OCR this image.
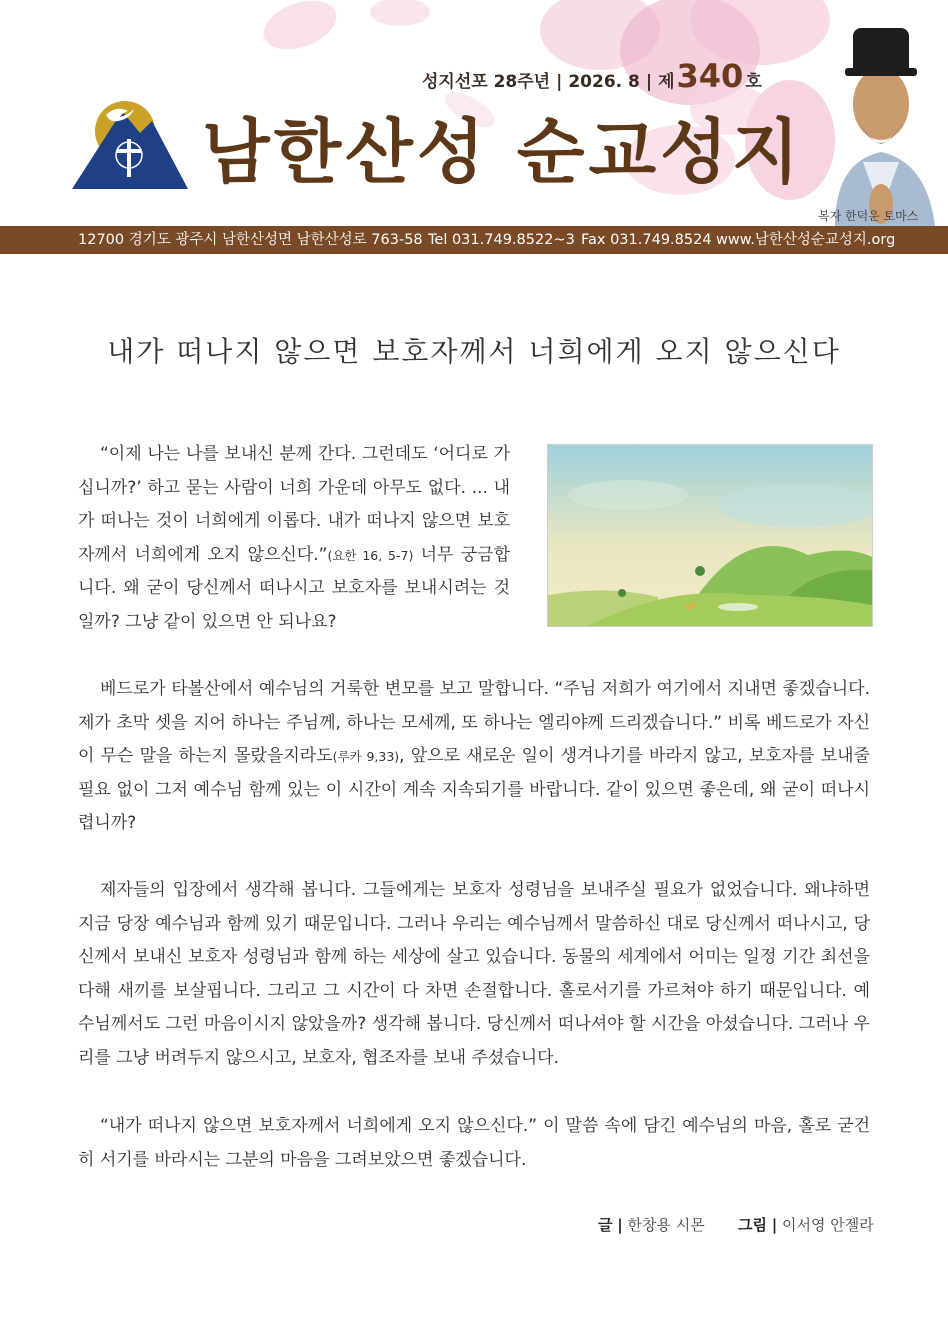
성지선포 28주년 | 2026. 8 | 제 340 호
남한산성 순교성지
복자 한덕운 토마스
12700 경기도 광주시 남한산성면 남한산성로 763-58 Tel 031.749.8522~3 Fax 031.749.8524 www.남한산성순교성지.org
내가 떠나지 않으면 보호자께서 너희에게 오지 않으신다
“이제 나는 나를 보내신 분께 간다. 그런데도 ‘어디로 가십니까?’ 하고 묻는 사람이 너희 가운데 아무도 없다. ... 내가 떠나는 것이 너희에게 이롭다. 내가 떠나지 않으면 보호자께서 너희에게 오지 않으신다.”(요한 16, 5-7) 너무 궁금합니다. 왜 굳이 당신께서 떠나시고 보호자를 보내시려는 것일까? 그냥 같이 있으면 안 되나요?
베드로가 타볼산에서 예수님의 거룩한 변모를 보고 말합니다. “주님 저희가 여기에서 지내면 좋겠습니다. 제가 초막 셋을 지어 하나는 주님께, 하나는 모세께, 또 하나는 엘리야께 드리겠습니다.” 비록 베드로가 자신이 무슨 말을 하는지 몰랐을지라도(루카 9,33), 앞으로 새로운 일이 생겨나기를 바라지 않고, 보호자를 보내줄 필요 없이 그저 예수님 함께 있는 이 시간이 계속 지속되기를 바랍니다. 같이 있으면 좋은데, 왜 굳이 떠나시렵니까?
제자들의 입장에서 생각해 봅니다. 그들에게는 보호자 성령님을 보내주실 필요가 없었습니다. 왜냐하면 지금 당장 예수님과 함께 있기 때문입니다. 그러나 우리는 예수님께서 말씀하신 대로 당신께서 떠나시고, 당신께서 보내신 보호자 성령님과 함께 하는 세상에 살고 있습니다. 동물의 세계에서 어미는 일정 기간 최선을 다해 새끼를 보살핍니다. 그리고 그 시간이 다 차면 손절합니다. 홀로서기를 가르쳐야 하기 때문입니다. 예수님께서도 그런 마음이시지 않았을까? 생각해 봅니다. 당신께서 떠나셔야 할 시간을 아셨습니다. 그러나 우리를 그냥 버려두지 않으시고, 보호자, 협조자를 보내 주셨습니다.
“내가 떠나지 않으면 보호자께서 너희에게 오지 않으신다.” 이 말씀 속에 담긴 예수님의 마음, 홀로 굳건히 서기를 바라시는 그분의 마음을 그려보았으면 좋겠습니다.
글 | 한창용 시몬 그림 | 이서영 안젤라
